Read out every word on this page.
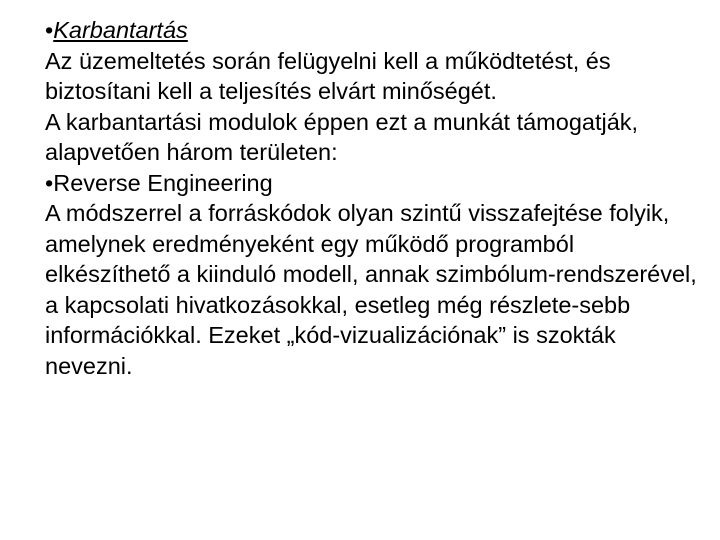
•Karbantartás

Az üzemeltetés során felügyelni kell a működtetést, és biztosítani kell a teljesítés elvárt minőségét.

A karbantartási modulok éppen ezt a munkát támogatják, alapvetően három területen:

•Reverse Engineering

A módszerrel a forráskódok olyan szintű visszafejtése folyik, amelynek eredményeként egy működő programból elkészíthető a kiinduló modell, annak szimbólum-rendszerével, a kapcsolati hivatkozásokkal, esetleg még részlete-sebb információkkal. Ezeket „kód-vizualizációnak” is szokták nevezni.
